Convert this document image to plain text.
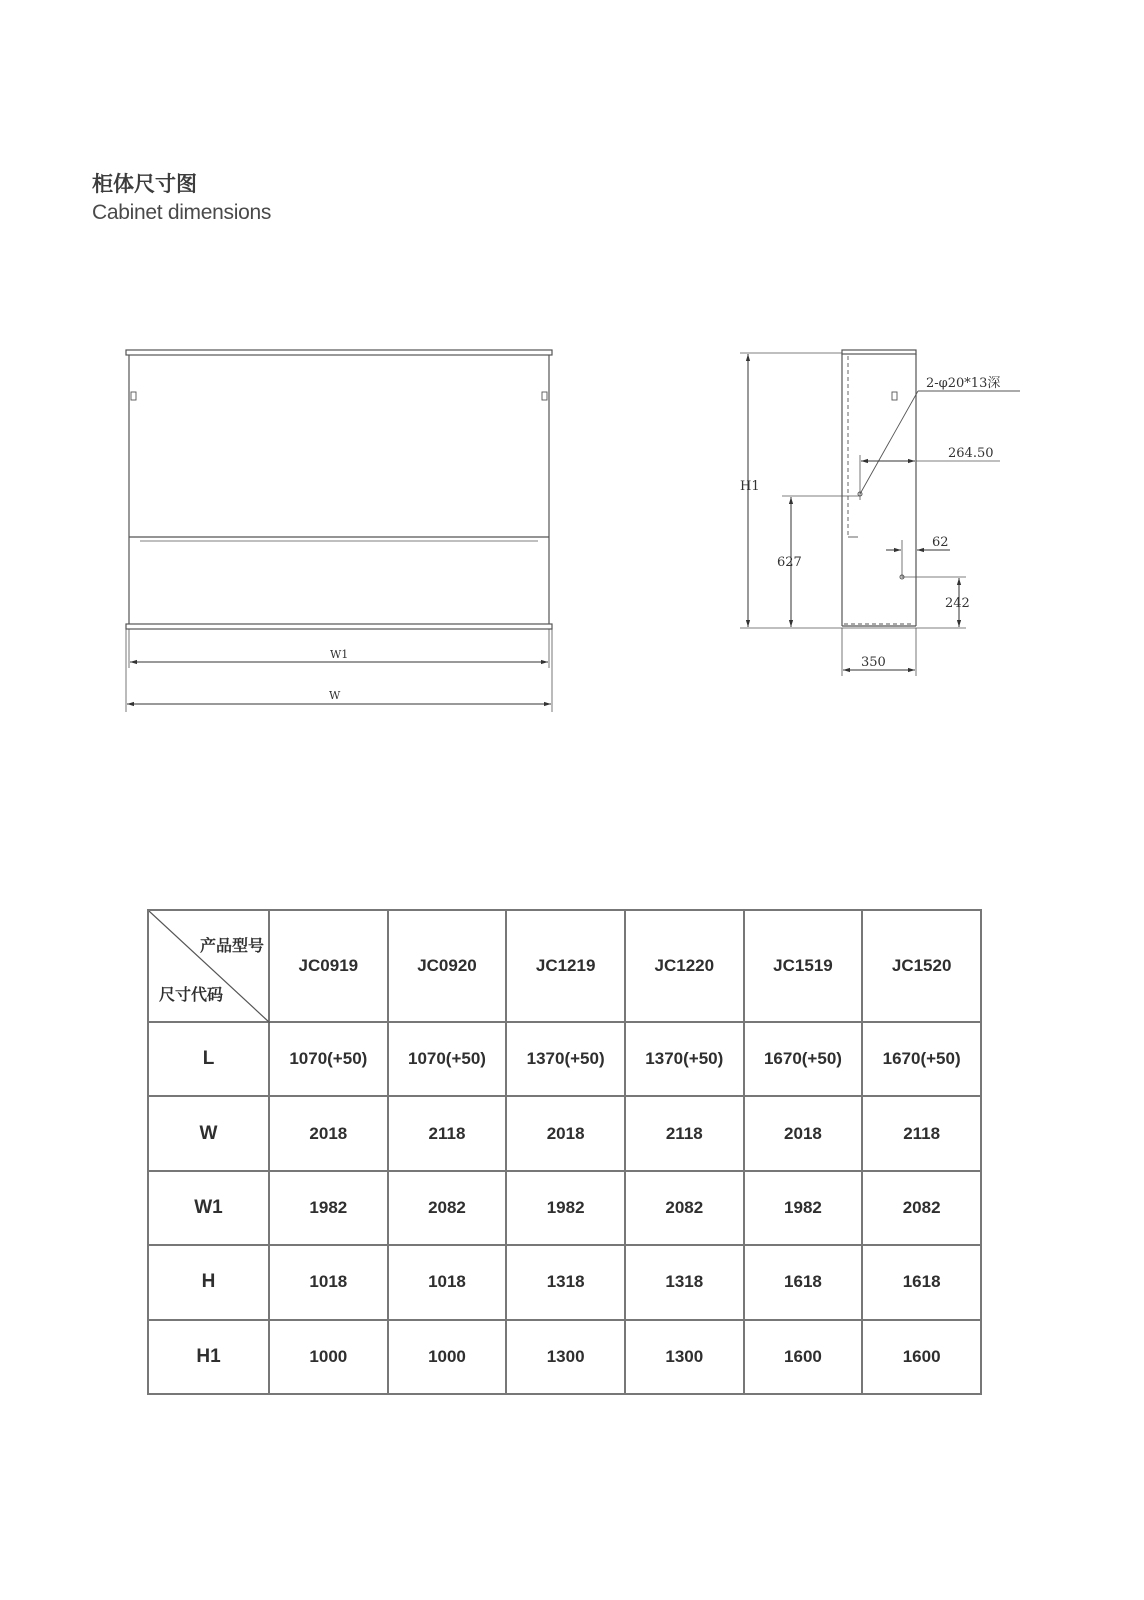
柜体尺寸图
Cabinet dimensions
W1
W
H1
2-φ20*13深
264.50
627
62
242
350
产品型号
尺寸代码	JC0919	JC0920	JC1219	JC1220	JC1519	JC1520
L	1070(+50)	1070(+50)	1370(+50)	1370(+50)	1670(+50)	1670(+50)
W	2018	2118	2018	2118	2018	2118
W1	1982	2082	1982	2082	1982	2082
H	1018	1018	1318	1318	1618	1618
H1	1000	1000	1300	1300	1600	1600
